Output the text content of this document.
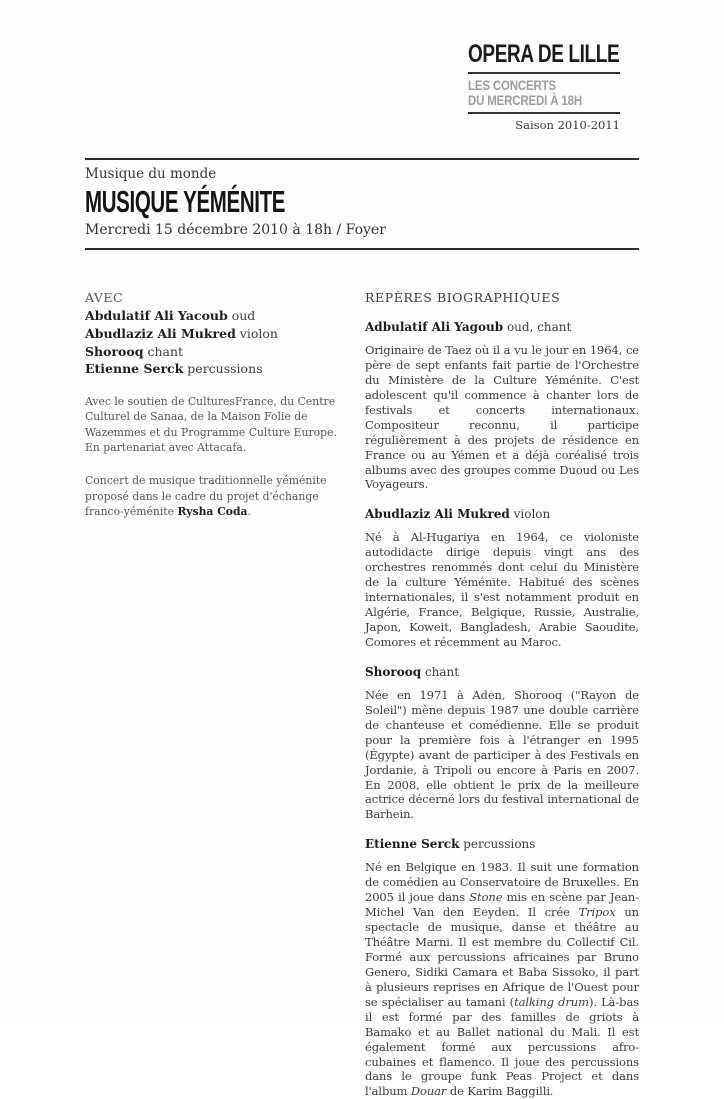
OPERA DE LILLE
LES CONCERTS
DU MERCREDI À 18H
Saison 2010-2011
Musique du monde
MUSIQUE YÉMÉNITE
Mercredi 15 décembre 2010 à 18h / Foyer
AVEC
Abdulatif Ali Yacoub oud
Abudlaziz Ali Mukred violon
Shorooq chant
Etienne Serck percussions
Avec le soutien de CulturesFrance, du Centre Culturel de Sanaa, de la Maison Folie de Wazemmes et du Programme Culture Europe. En partenariat avec Attacafa.
Concert de musique traditionnelle yéménite proposé dans le cadre du projet d'échange franco-yéménite Rysha Coda.
REPÈRES BIOGRAPHIQUES
Adbulatif Ali Yagoub oud, chant
Originaire de Taez où il a vu le jour en 1964, ce père de sept enfants fait partie de l'Orchestre du Ministère de la Culture Yéménite. C'est adolescent qu'il commence à chanter lors de festivals et concerts internationaux. Compositeur reconnu, il participe régulièrement à des projets de résidence en France ou au Yémen et a déjà coréalisé trois albums avec des groupes comme Duoud ou Les Voyageurs.
Abudlaziz Ali Mukred violon
Né à Al-Hugariya en 1964, ce violoniste autodidacte dirige depuis vingt ans des orchestres renommés dont celui du Ministère de la culture Yéménite. Habitué des scènes internationales, il s'est notamment produit en Algérie, France, Belgique, Russie, Australie, Japon, Koweit, Bangladesh, Arabie Saoudite, Comores et récemment au Maroc.
Shorooq chant
Née en 1971 à Aden, Shorooq ("Rayon de Soleil") mène depuis 1987 une double carrière de chanteuse et comédienne. Elle se produit pour la première fois à l'étranger en 1995 (Égypte) avant de participer à des Festivals en Jordanie, à Tripoli ou encore à Paris en 2007. En 2008, elle obtient le prix de la meilleure actrice décerné lors du festival international de Barhein.
Etienne Serck percussions
Né en Belgique en 1983. Il suit une formation de comédien au Conservatoire de Bruxelles. En 2005 il joue dans Stone mis en scène par Jean-Michel Van den Eeyden. Il crée Tripox un spectacle de musique, danse et théâtre au Théâtre Marni. Il est membre du Collectif Cil. Formé aux percussions africaines par Bruno Genero, Sidiki Camara et Baba Sissoko, il part à plusieurs reprises en Afrique de l'Ouest pour se spécialiser au tamani (talking drum). Là-bas il est formé par des familles de griots à Bamako et au Ballet national du Mali. Il est également formé aux percussions afro-cubaines et flamenco. Il joue des percussions dans le groupe funk Peas Project et dans l'album Douar de Karim Baggilli.
